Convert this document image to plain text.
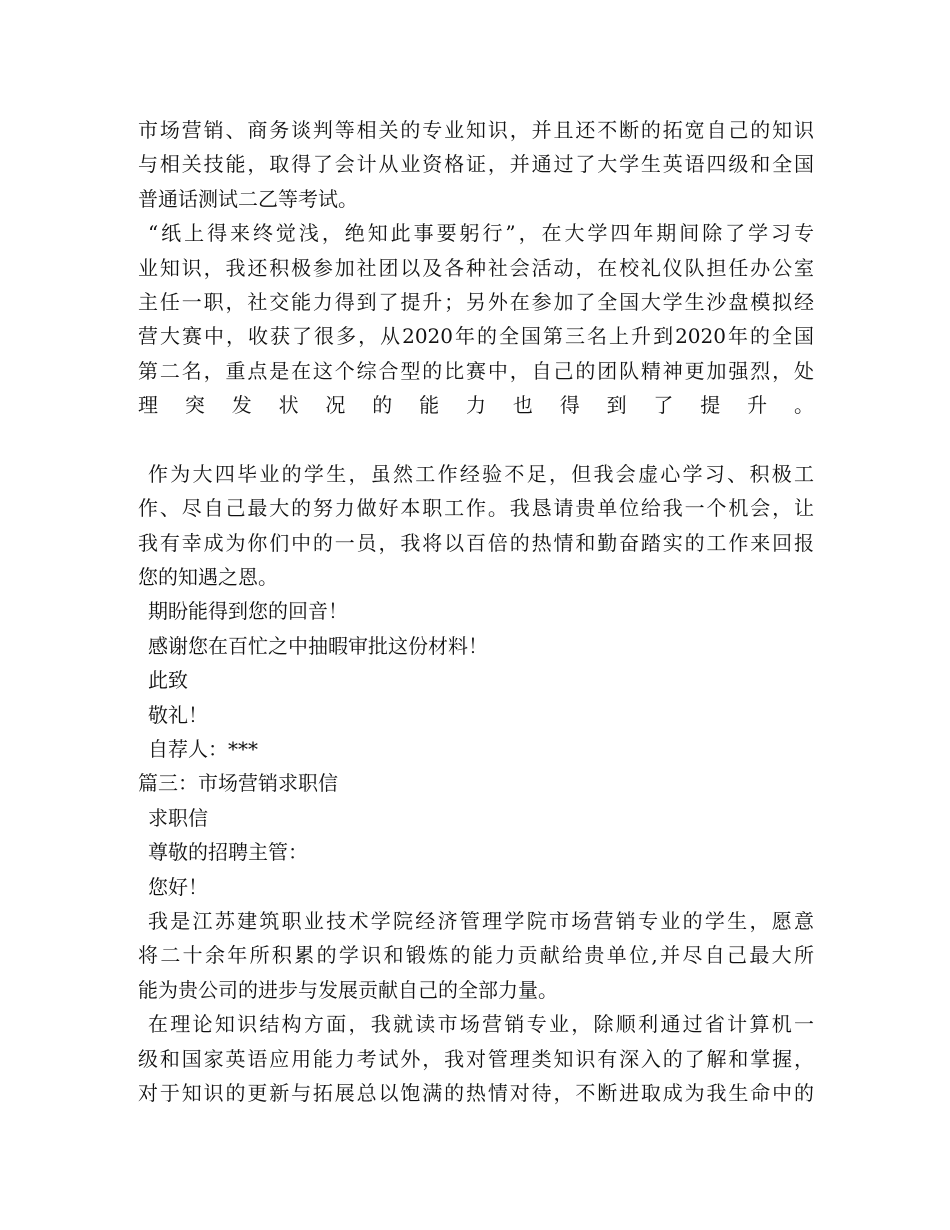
市场营销、商务谈判等相关的专业知识，并且还不断的拓宽自己的知识
与相关技能，取得了会计从业资格证，并通过了大学生英语四级和全国
普通话测试二乙等考试。

“纸上得来终觉浅，绝知此事要躬行”，在大学四年期间除了学习专
业知识，我还积极参加社团以及各种社会活动，在校礼仪队担任办公室
主任一职，社交能力得到了提升；另外在参加了全国大学生沙盘模拟经
营大赛中，收获了很多，从2020年的全国第三名上升到2020年的全国
第二名，重点是在这个综合型的比赛中，自己的团队精神更加强烈，处
理突发状况的能力也得到了提升。

作为大四毕业的学生，虽然工作经验不足，但我会虚心学习、积极工
作、尽自己最大的努力做好本职工作。我恳请贵单位给我一个机会，让
我有幸成为你们中的一员，我将以百倍的热情和勤奋踏实的工作来回报
您的知遇之恩。

期盼能得到您的回音！
感谢您在百忙之中抽暇审批这份材料！
此致
敬礼！
自荐人：***
篇三：市场营销求职信
求职信
尊敬的招聘主管：
您好！

我是江苏建筑职业技术学院经济管理学院市场营销专业的学生，愿意
将二十余年所积累的学识和锻炼的能力贡献给贵单位,并尽自己最大所
能为贵公司的进步与发展贡献自己的全部力量。

在理论知识结构方面，我就读市场营销专业，除顺利通过省计算机一
级和国家英语应用能力考试外，我对管理类知识有深入的了解和掌握，
对于知识的更新与拓展总以饱满的热情对待，不断进取成为我生命中的
